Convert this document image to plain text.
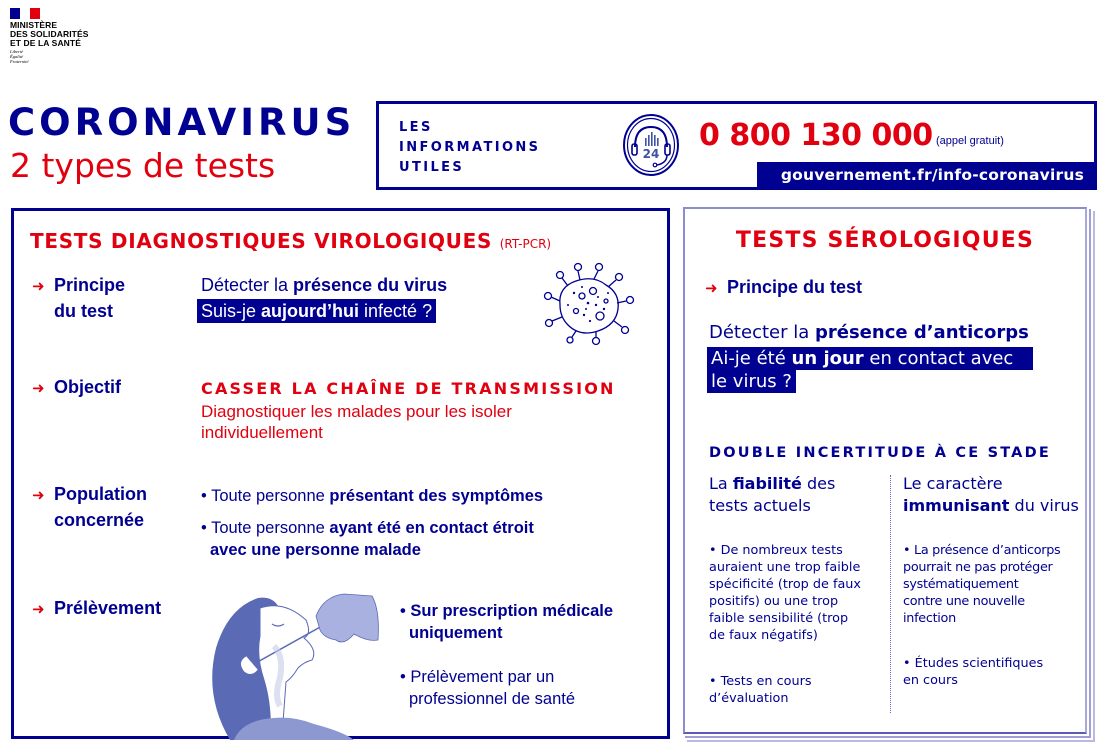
MINISTÈRE
DES SOLIDARITÉS
ET DE LA SANTÉ
Liberté
Égalité
Fraternité
CORONAVIRUS
2 types de tests
LES
INFORMATIONS
UTILES
24
0 800 130 000 (appel gratuit)
gouvernement.fr/info-coronavirus
TESTS DIAGNOSTIQUES VIROLOGIQUES (RT-PCR)
➜ Principe
du test
Détecter la présence du virus
Suis-je aujourd’hui infecté ?
➜ Objectif	CASSER LA CHAÎNE DE TRANSMISSION
Diagnostiquer les malades pour les isoler
individuellement
➜ Population
concernée
• Toute personne présentant des symptômes
• Toute personne ayant été en contact étroit
avec une personne malade
➜ Prélèvement	• Sur prescription médicale
uniquement
• Prélèvement par un
professionnel de santé
TESTS SÉROLOGIQUES
➜ Principe du test
Détecter la présence d’anticorps
Ai-je été un jour en contact avec
le virus ?
DOUBLE INCERTITUDE À CE STADE
La fiabilité des
tests actuels
• De nombreux tests
auraient une trop faible
spécificité (trop de faux
positifs) ou une trop
faible sensibilité (trop
de faux négatifs)
• Tests en cours
d’évaluation
Le caractère
immunisant du virus
• La présence d’anticorps
pourrait ne pas protéger
systématiquement
contre une nouvelle
infection
• Études scientifiques
en cours
